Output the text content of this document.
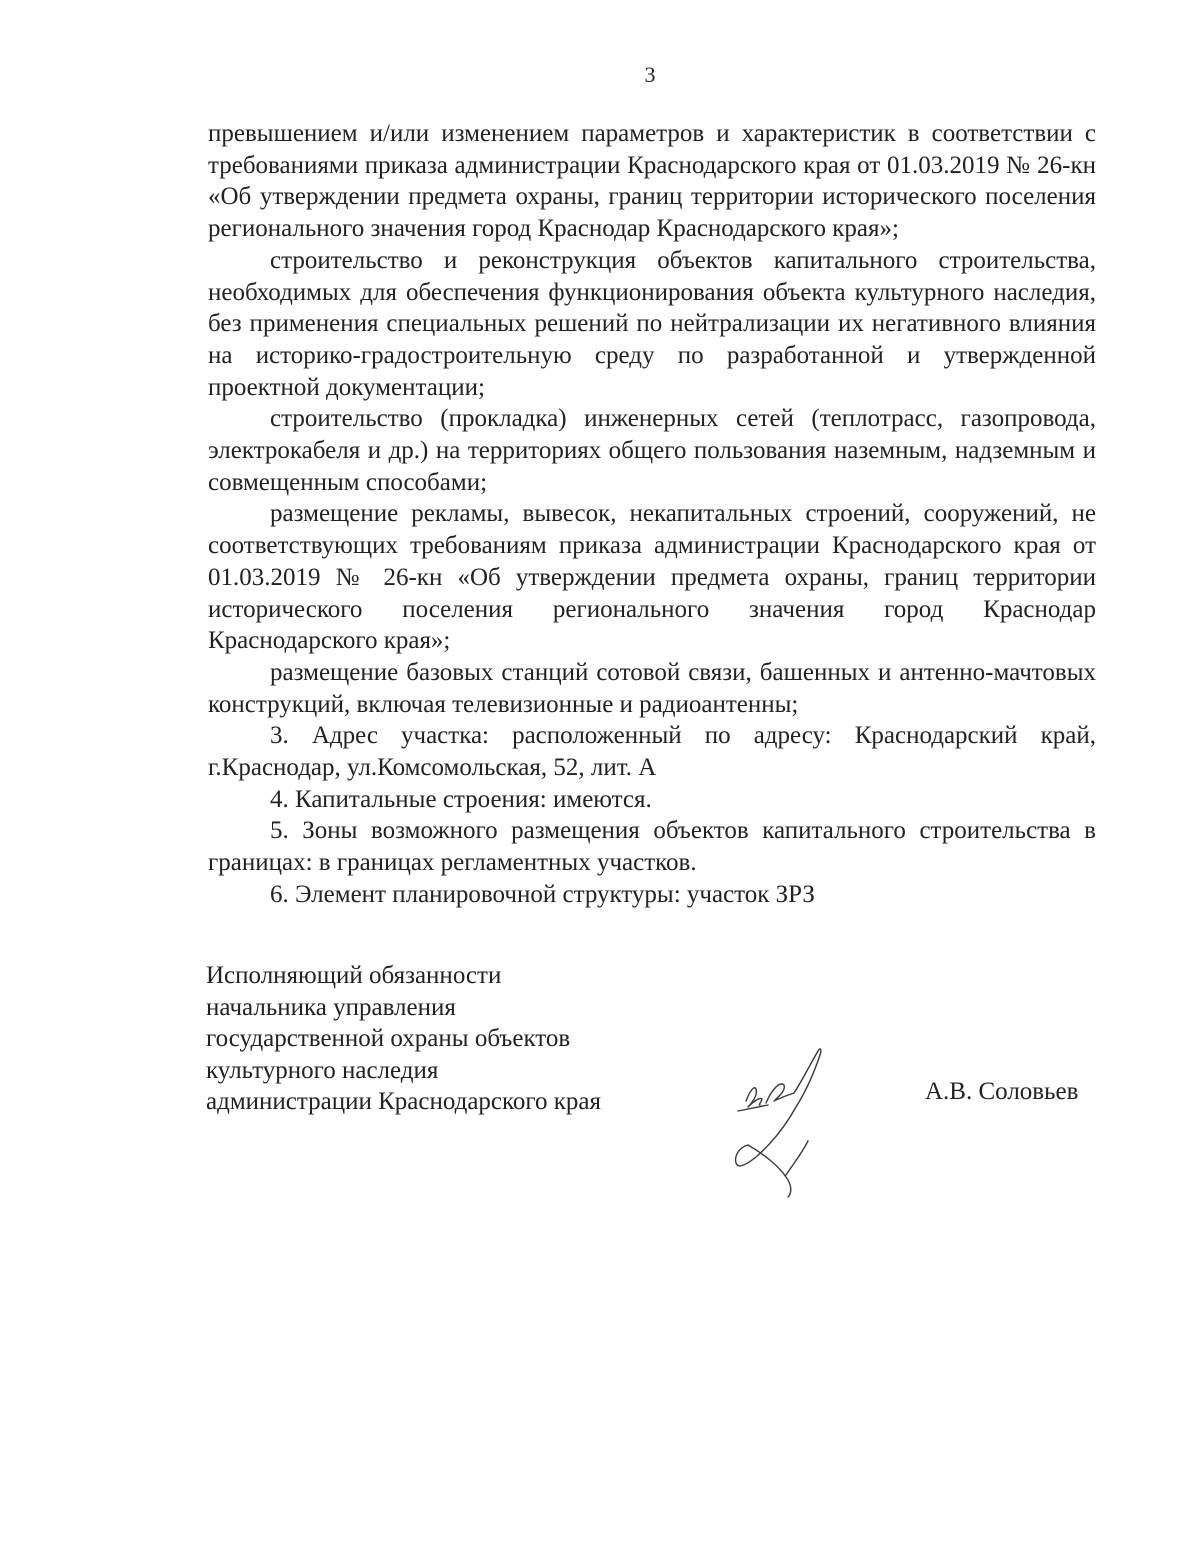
3

превышением и/или изменением параметров и характеристик в соответствии с требованиями приказа администрации Краснодарского края от 01.03.2019 № 26-кн «Об утверждении предмета охраны, границ территории исторического поселения регионального значения город Краснодар Краснодарского края»;

строительство и реконструкция объектов капитального строительства, необходимых для обеспечения функционирования объекта культурного наследия, без применения специальных решений по нейтрализации их негативного влияния на историко-градостроительную среду по разработанной и утвержденной проектной документации;

строительство (прокладка) инженерных сетей (теплотрасс, газопровода, электрокабеля и др.) на территориях общего пользования наземным, надземным и совмещенным способами;

размещение рекламы, вывесок, некапитальных строений, сооружений, не соответствующих требованиям приказа администрации Краснодарского края от 01.03.2019 № 26-кн «Об утверждении предмета охраны, границ территории исторического поселения регионального значения город Краснодар Краснодарского края»;

размещение базовых станций сотовой связи, башенных и антенно-мачтовых конструкций, включая телевизионные и радиоантенны;

3. Адрес участка: расположенный по адресу: Краснодарский край, г.Краснодар, ул.Комсомольская, 52, лит. А

4. Капитальные строения: имеются.

5. Зоны возможного размещения объектов капитального строительства в границах: в границах регламентных участков.

6. Элемент планировочной структуры: участок ЗРЗ

Исполняющий обязанности
начальника управления
государственной охраны объектов
культурного наследия
администрации Краснодарского края	А.В. Соловьев
